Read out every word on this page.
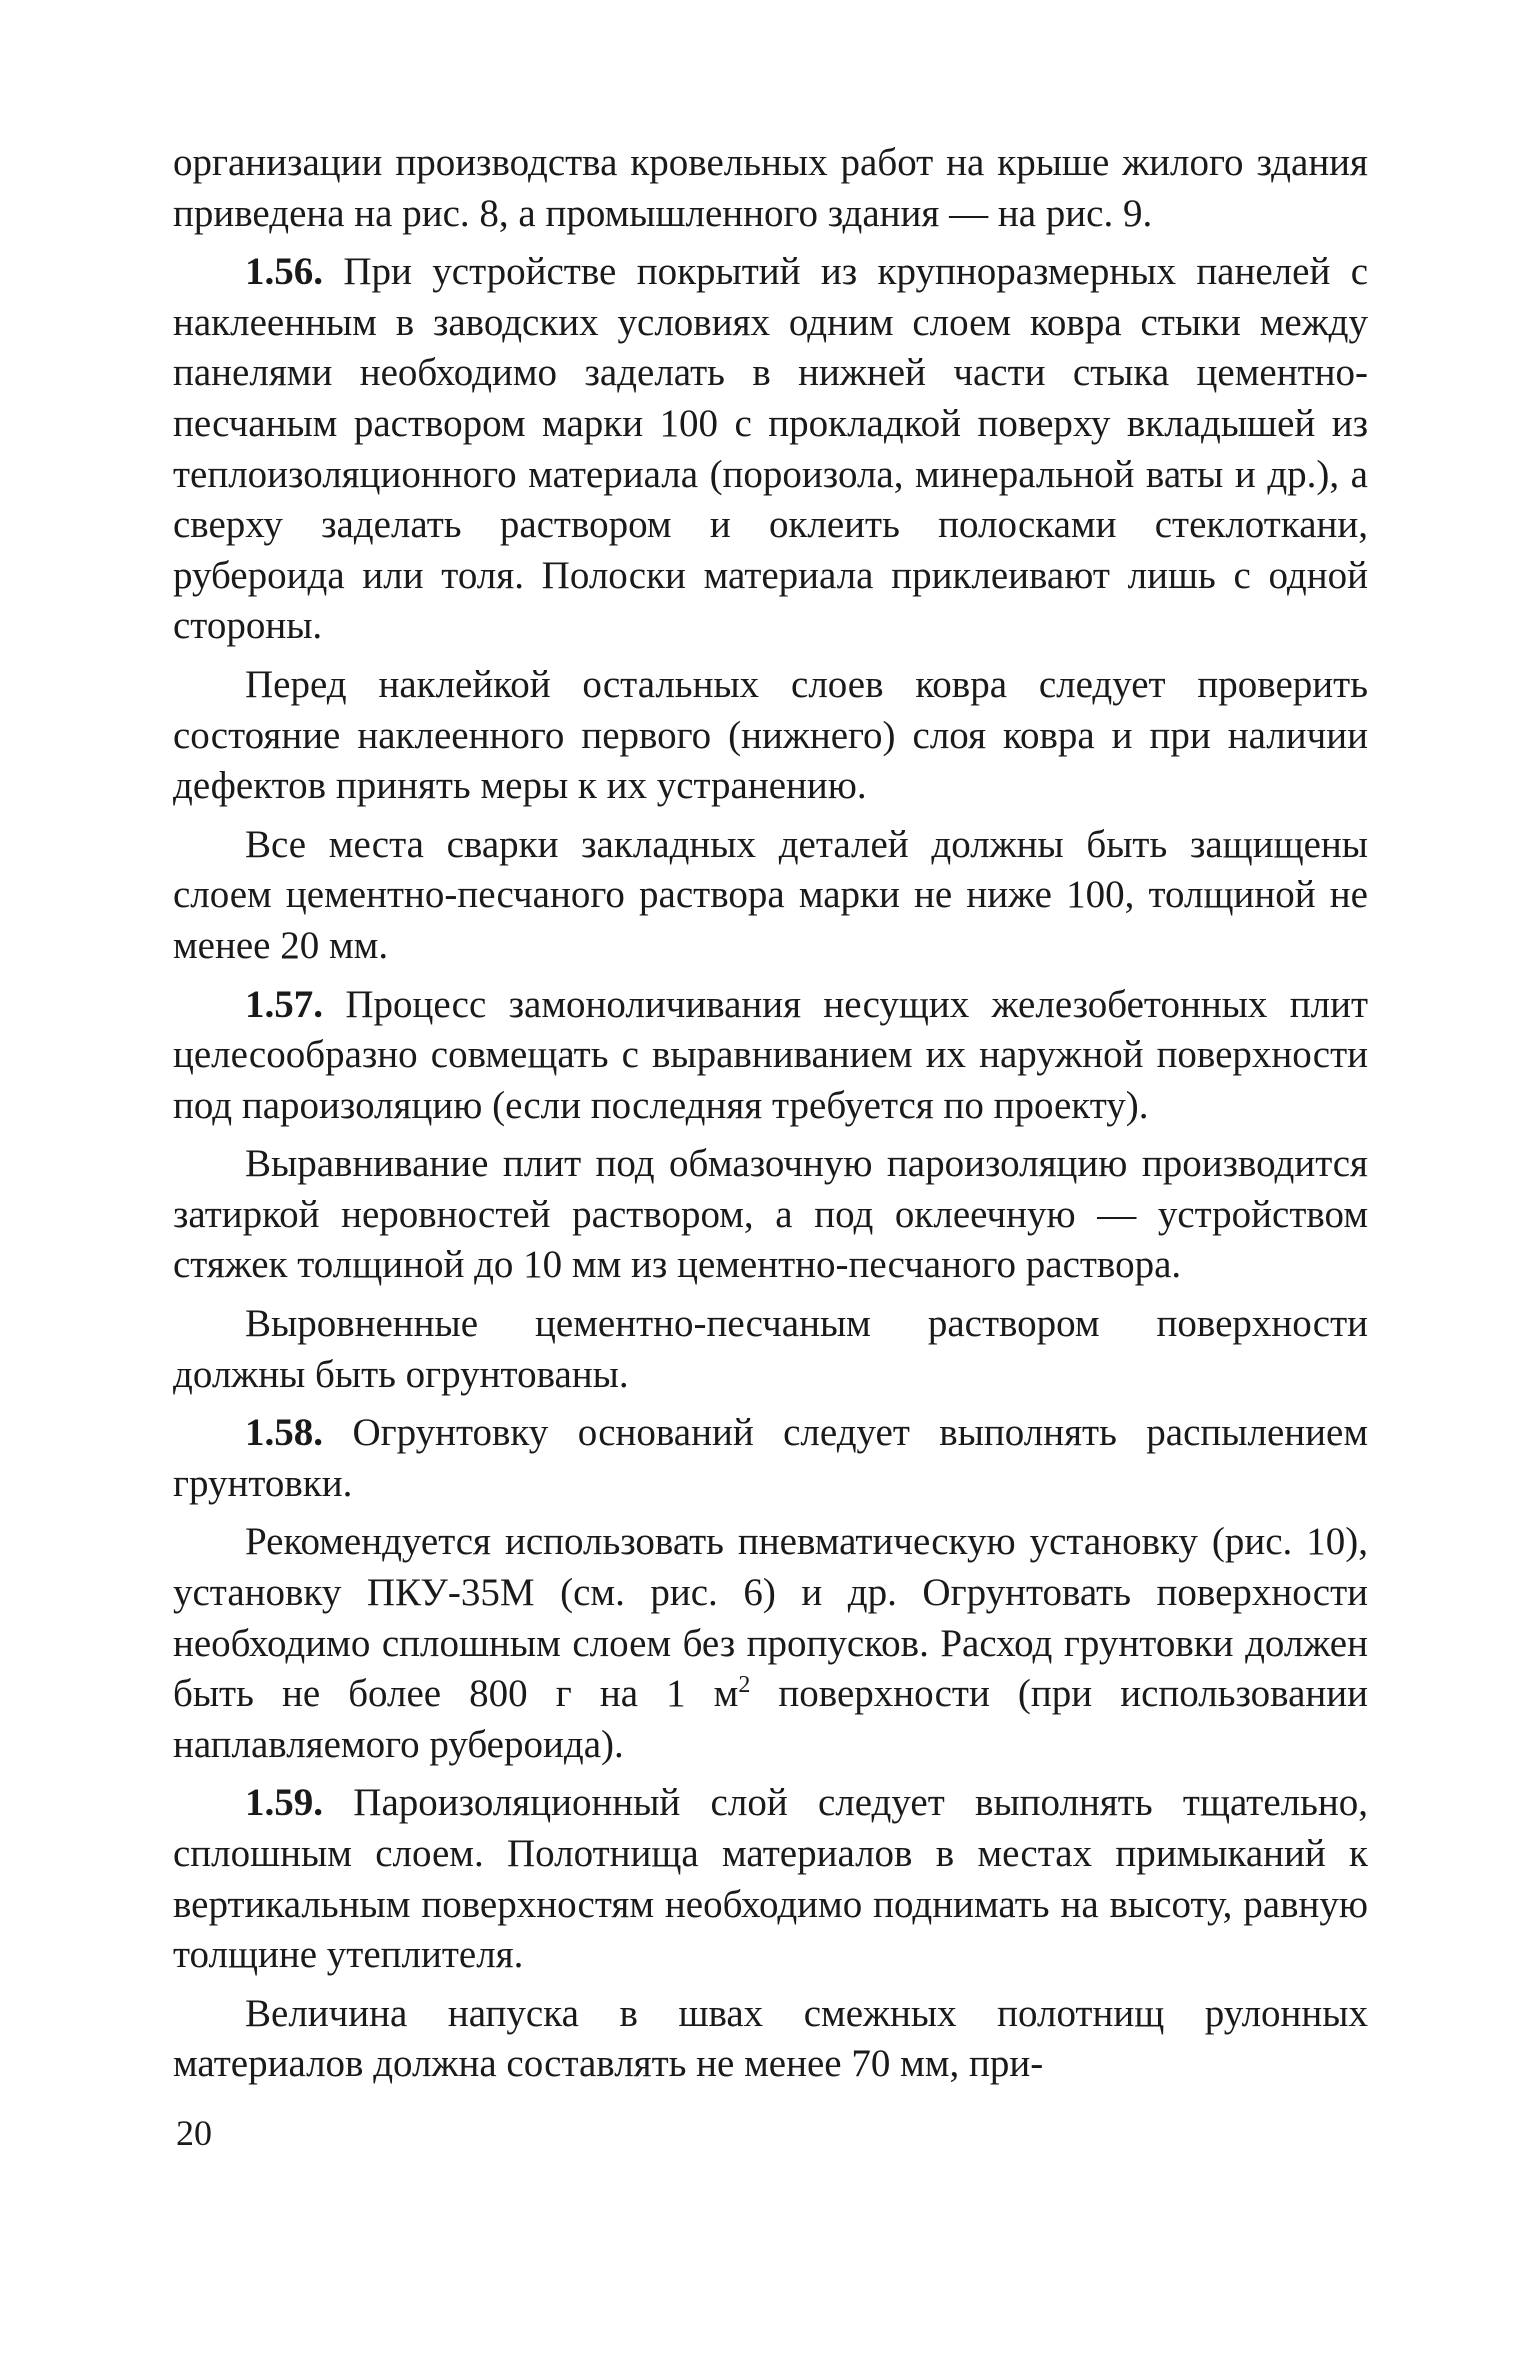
организации производства кровельных работ на крыше жилого здания приведена на рис. 8, а промышленного здания — на рис. 9.

1.56. При устройстве покрытий из крупноразмерных панелей с наклеенным в заводских условиях одним слоем ковра стыки между панелями необходимо заделать в нижней части стыка цементно-песчаным раствором марки 100 с прокладкой поверху вкладышей из теплоизоляционного материала (пороизола, минеральной ваты и др.), а сверху заделать раствором и оклеить полосками стеклоткани, рубероида или толя. Полоски материала приклеивают лишь с одной стороны.

Перед наклейкой остальных слоев ковра следует проверить состояние наклеенного первого (нижнего) слоя ковра и при наличии дефектов принять меры к их устранению.

Все места сварки закладных деталей должны быть защищены слоем цементно-песчаного раствора марки не ниже 100, толщиной не менее 20 мм.

1.57. Процесс замоноличивания несущих железобетонных плит целесообразно совмещать с выравниванием их наружной поверхности под пароизоляцию (если последняя требуется по проекту).

Выравнивание плит под обмазочную пароизоляцию производится затиркой неровностей раствором, а под оклеечную — устройством стяжек толщиной до 10 мм из цементно-песчаного раствора.

Выровненные цементно-песчаным раствором поверхности должны быть огрунтованы.

1.58. Огрунтовку оснований следует выполнять распылением грунтовки.

Рекомендуется использовать пневматическую установку (рис. 10), установку ПКУ-35М (см. рис. 6) и др. Огрунтовать поверхности необходимо сплошным слоем без пропусков. Расход грунтовки должен быть не более 800 г на 1 $м^2$ поверхности (при использовании наплавляемого рубероида).

1.59. Пароизоляционный слой следует выполнять тщательно, сплошным слоем. Полотнища материалов в местах примыканий к вертикальным поверхностям необходимо поднимать на высоту, равную толщине утеплителя.

Величина напуска в швах смежных полотнищ рулонных материалов должна составлять не менее 70 мм, при-

20
